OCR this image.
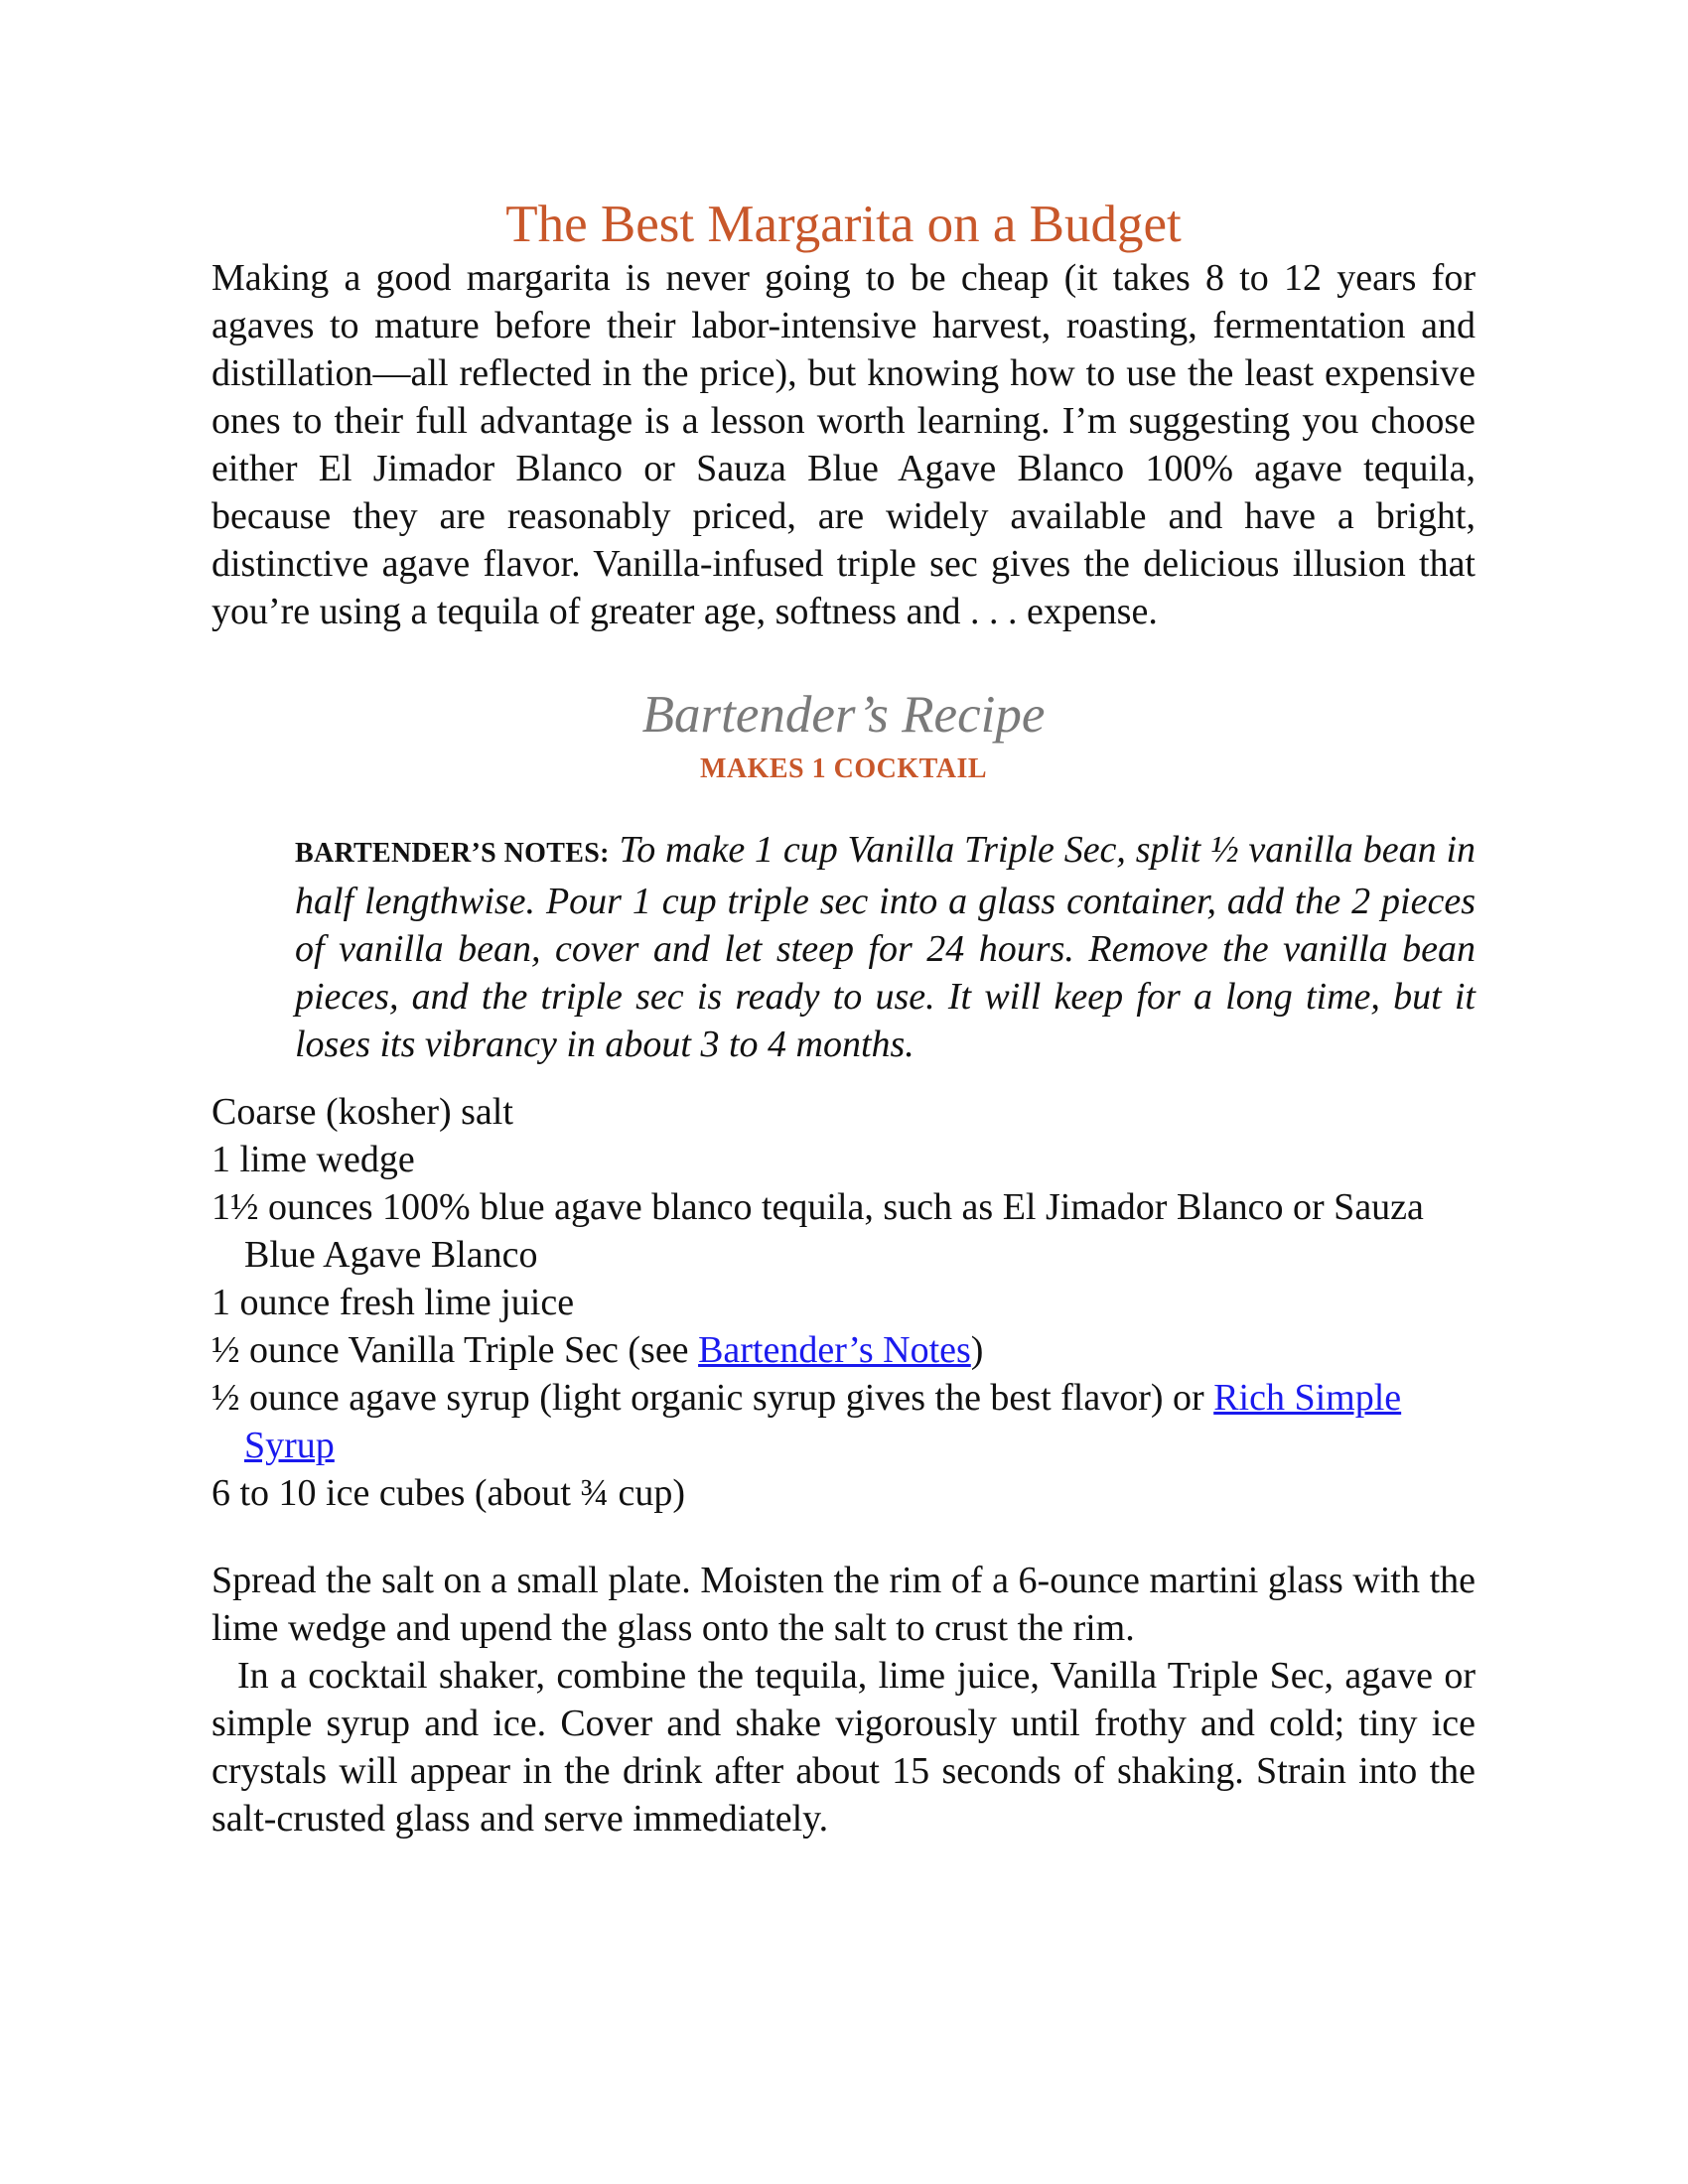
The Best Margarita on a Budget

Making a good margarita is never going to be cheap (it takes 8 to 12 years for agaves to mature before their labor-intensive harvest, roasting, fermentation and distillation—all reflected in the price), but knowing how to use the least expensive ones to their full advantage is a lesson worth learning. I’m suggesting you choose either El Jimador Blanco or Sauza Blue Agave Blanco 100% agave tequila, because they are reasonably priced, are widely available and have a bright, distinctive agave flavor. Vanilla-infused triple sec gives the delicious illusion that you’re using a tequila of greater age, softness and . . . expense.

Bartender’s Recipe
MAKES 1 COCKTAIL

BARTENDER’S NOTES: To make 1 cup Vanilla Triple Sec, split ½ vanilla bean in half lengthwise. Pour 1 cup triple sec into a glass container, add the 2 pieces of vanilla bean, cover and let steep for 24 hours. Remove the vanilla bean pieces, and the triple sec is ready to use. It will keep for a long time, but it loses its vibrancy in about 3 to 4 months.

Coarse (kosher) salt
1 lime wedge
1½ ounces 100% blue agave blanco tequila, such as El Jimador Blanco or Sauza Blue Agave Blanco
1 ounce fresh lime juice
½ ounce Vanilla Triple Sec (see Bartender’s Notes)
½ ounce agave syrup (light organic syrup gives the best flavor) or Rich Simple Syrup
6 to 10 ice cubes (about ¾ cup)

Spread the salt on a small plate. Moisten the rim of a 6-ounce martini glass with the lime wedge and upend the glass onto the salt to crust the rim.

In a cocktail shaker, combine the tequila, lime juice, Vanilla Triple Sec, agave or simple syrup and ice. Cover and shake vigorously until frothy and cold; tiny ice crystals will appear in the drink after about 15 seconds of shaking. Strain into the salt-crusted glass and serve immediately.
